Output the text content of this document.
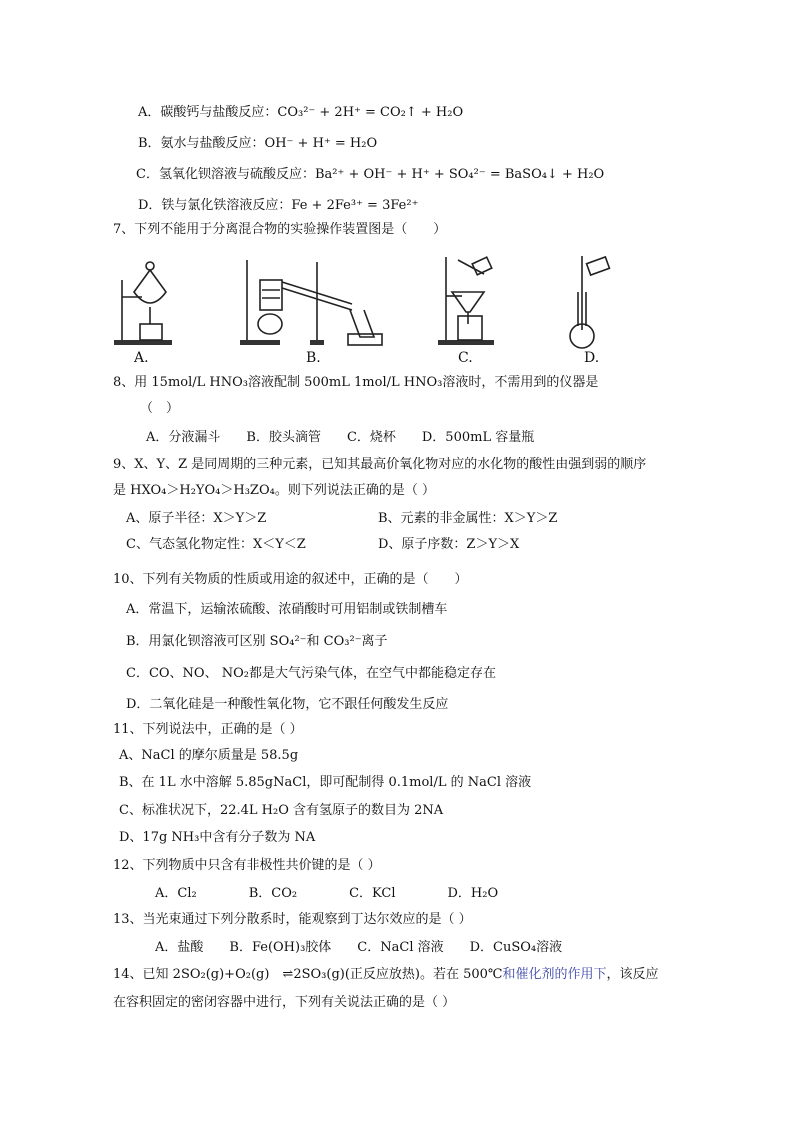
A．碳酸钙与盐酸反应：CO₃²⁻ + 2H⁺ = CO₂↑ + H₂O
B．氨水与盐酸反应：OH⁻ + H⁺ = H₂O
C．氢氧化钡溶液与硫酸反应：Ba²⁺ + OH⁻ + H⁺ + SO₄²⁻ = BaSO₄↓ + H₂O
D．铁与氯化铁溶液反应：Fe + 2Fe³⁺ = 3Fe²⁺
7、下列不能用于分离混合物的实验操作装置图是（　　）
A.	B.	C.	D.
8、用 15mol/L HNO₃溶液配制 500mL 1mol/L HNO₃溶液时，不需用到的仪器是
（　）
A．分液漏斗　　B．胶头滴管　　C．烧杯　　D．500mL 容量瓶
9、X、Y、Z 是同周期的三种元素，已知其最高价氧化物对应的水化物的酸性由强到弱的顺序
是 HXO₄＞H₂YO₄＞H₃ZO₄。则下列说法正确的是（ ）
A、原子半径：X＞Y＞Z	B、元素的非金属性：X＞Y＞Z
C、气态氢化物定性：X＜Y＜Z	D、原子序数：Z＞Y＞X
10、下列有关物质的性质或用途的叙述中，正确的是（　　）
A．常温下，运输浓硫酸、浓硝酸时可用铝制或铁制槽车
B．用氯化钡溶液可区别 SO₄²⁻和 CO₃²⁻离子
C．CO、NO、 NO₂都是大气污染气体，在空气中都能稳定存在
D．二氧化硅是一种酸性氧化物，它不跟任何酸发生反应
11、下列说法中，正确的是（ ）
A、NaCl 的摩尔质量是 58.5g
B、在 1L 水中溶解 5.85gNaCl，即可配制得 0.1mol/L 的 NaCl 溶液
C、标准状况下，22.4L H₂O 含有氢原子的数目为 2NA
D、17g NH₃中含有分子数为 NA
12、下列物质中只含有非极性共价键的是（ ）
A．Cl₂　　　　B．CO₂　　　　C．KCl　　　　D．H₂O
13、当光束通过下列分散系时，能观察到丁达尔效应的是（ ）
A．盐酸　　B．Fe(OH)₃胶体　　C．NaCl 溶液　　D．CuSO₄溶液
14、已知 2SO₂(g)+O₂(g)　⇌2SO₃(g)(正反应放热)。若在 500℃和催化剂的作用下，该反应
在容积固定的密闭容器中进行，下列有关说法正确的是（ ）
